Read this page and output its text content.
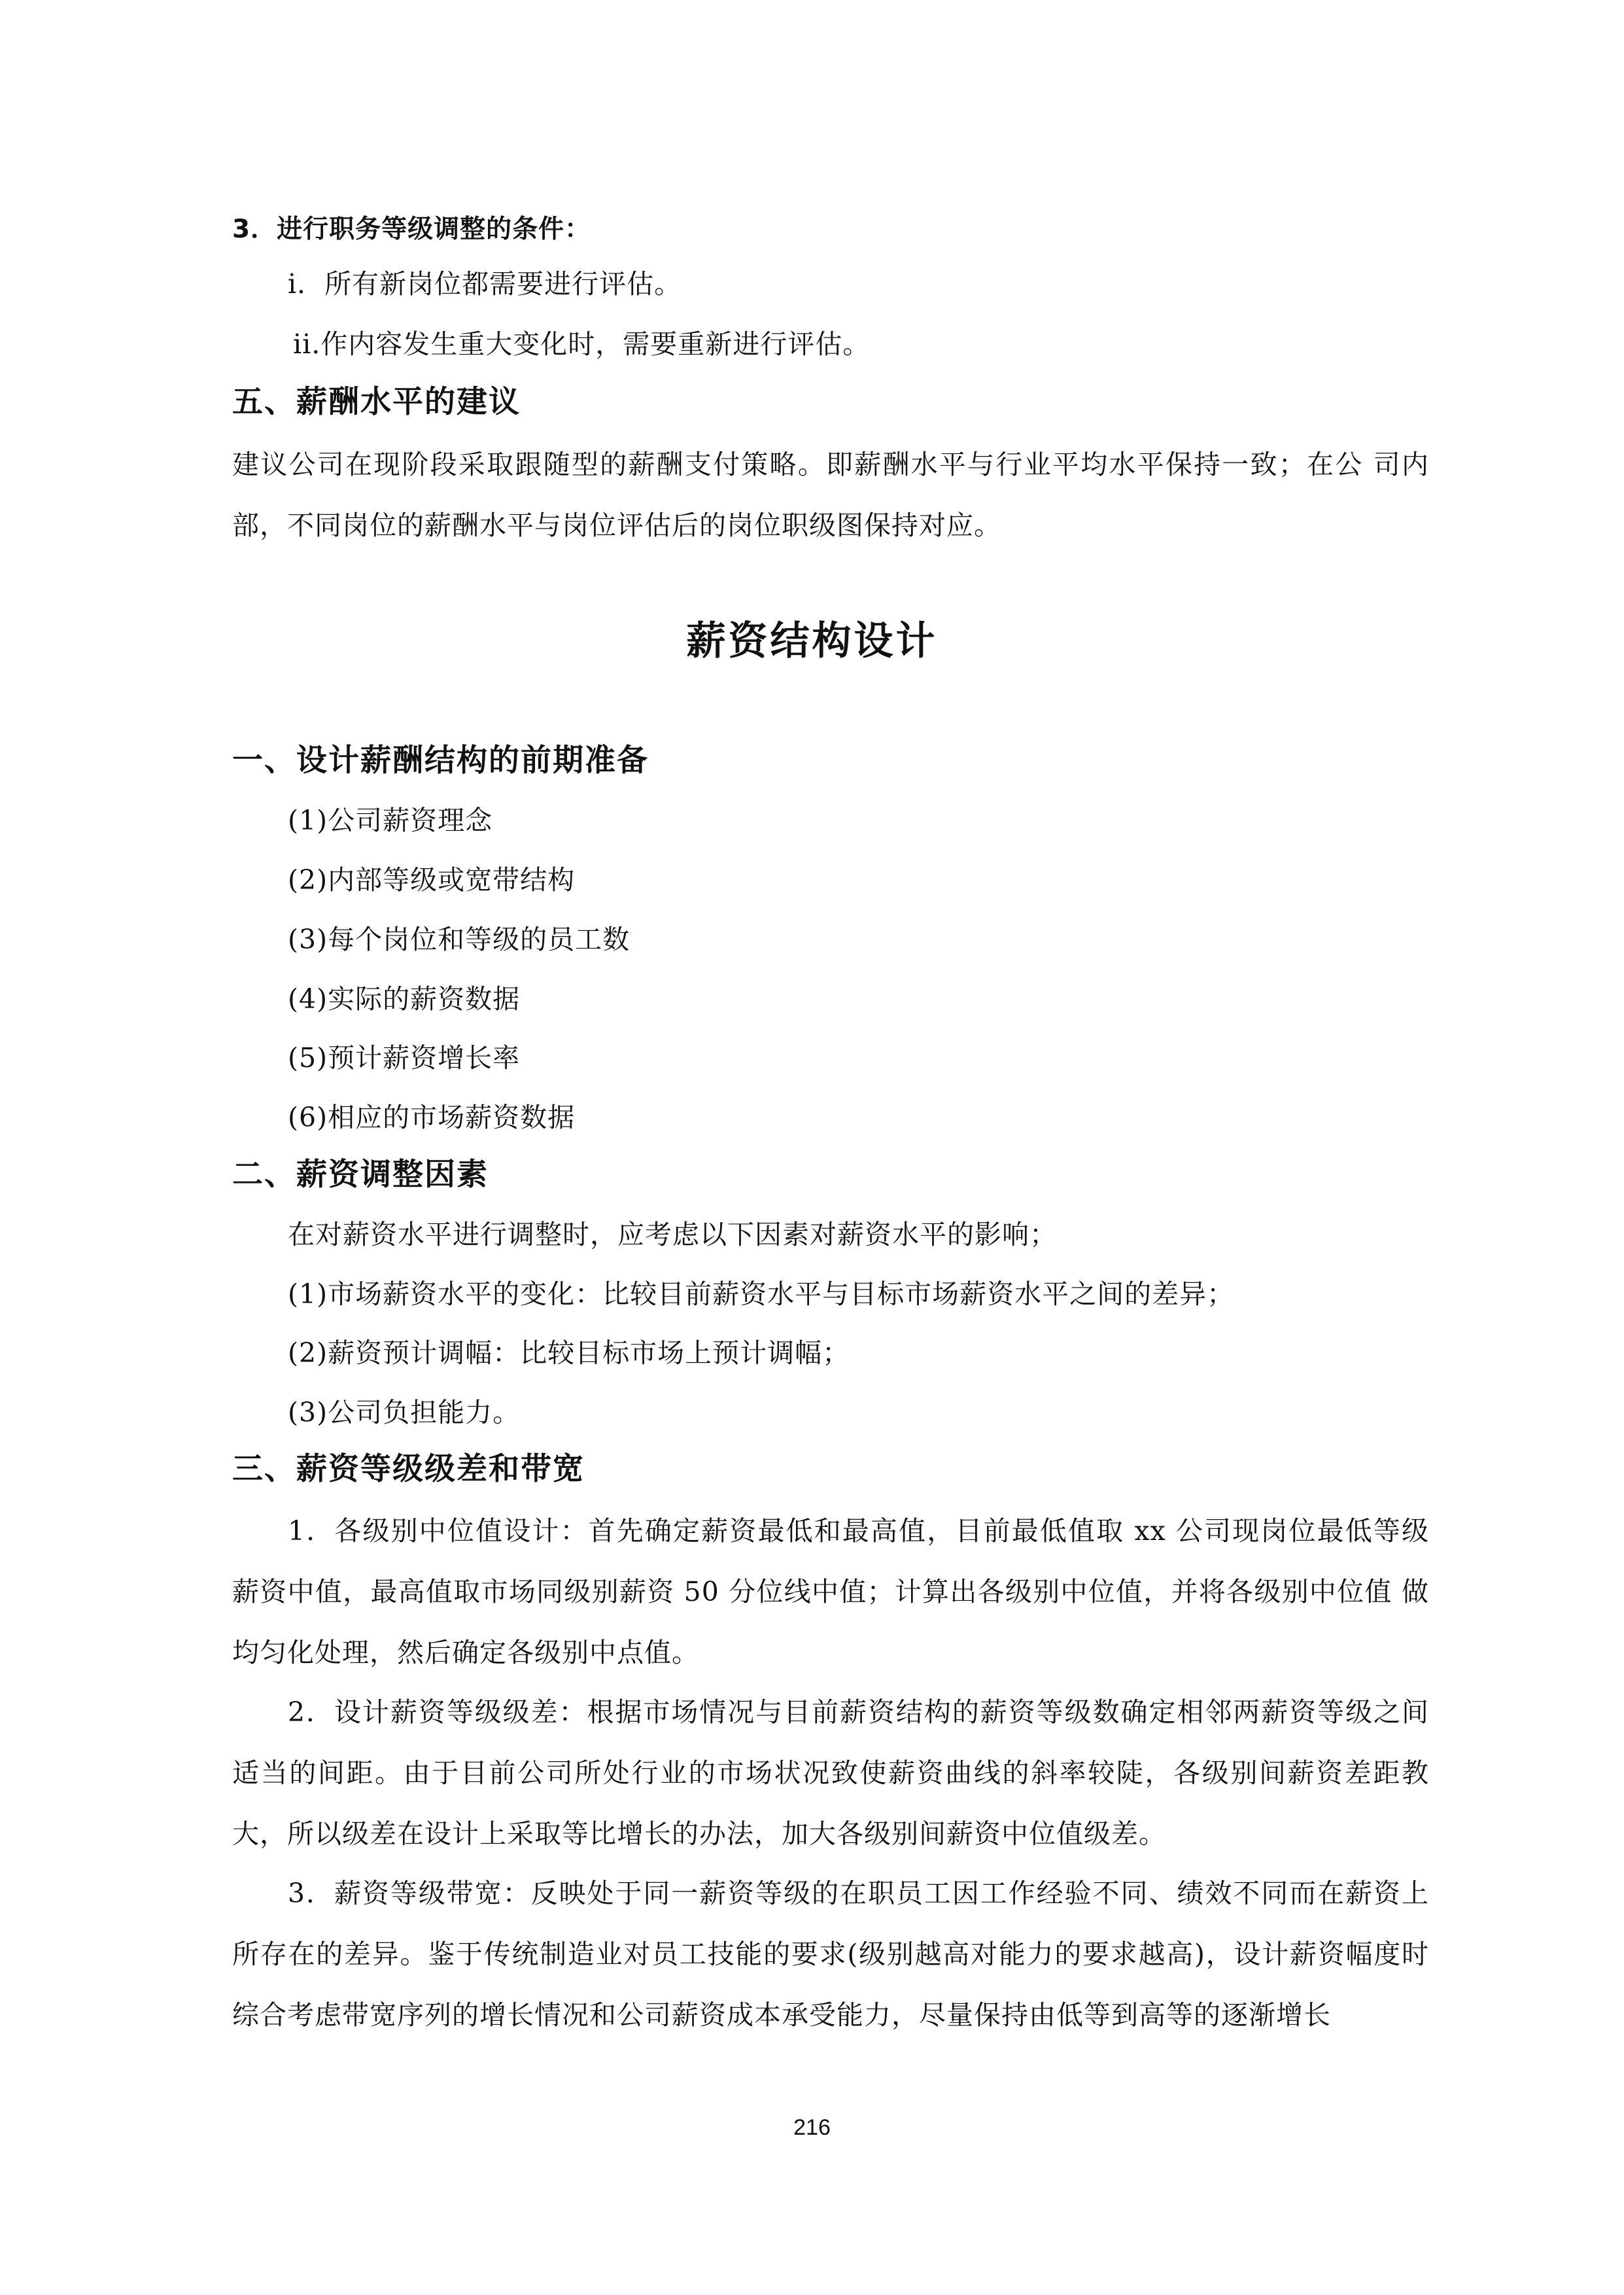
3．进行职务等级调整的条件：

i．所有新岗位都需要进行评估。

ii.作内容发生重大变化时，需要重新进行评估。

五、薪酬水平的建议

建议公司在现阶段采取跟随型的薪酬支付策略。即薪酬水平与行业平均水平保持一致；在公 司内部，不同岗位的薪酬水平与岗位评估后的岗位职级图保持对应。

薪资结构设计
一、设计薪酬结构的前期准备

(1)公司薪资理念

(2)内部等级或宽带结构

(3)每个岗位和等级的员工数

(4)实际的薪资数据

(5)预计薪资增长率

(6)相应的市场薪资数据

二、薪资调整因素

在对薪资水平进行调整时，应考虑以下因素对薪资水平的影响；

(1)市场薪资水平的变化：比较目前薪资水平与目标市场薪资水平之间的差异；

(2)薪资预计调幅：比较目标市场上预计调幅；

(3)公司负担能力。

三、薪资等级级差和带宽

1．各级别中位值设计：首先确定薪资最低和最高值，目前最低值取 xx 公司现岗位最低等级 薪资中值，最高值取市场同级别薪资 50 分位线中值；计算出各级别中位值，并将各级别中位值 做均匀化处理，然后确定各级别中点值。

2．设计薪资等级级差：根据市场情况与目前薪资结构的薪资等级数确定相邻两薪资等级之间适当的间距。由于目前公司所处行业的市场状况致使薪资曲线的斜率较陡，各级别间薪资差距教大，所以级差在设计上采取等比增长的办法，加大各级别间薪资中位值级差。

3．薪资等级带宽：反映处于同一薪资等级的在职员工因工作经验不同、绩效不同而在薪资上所存在的差异。鉴于传统制造业对员工技能的要求(级别越高对能力的要求越高)，设计薪资幅度时综合考虑带宽序列的增长情况和公司薪资成本承受能力，尽量保持由低等到高等的逐渐增长

216
